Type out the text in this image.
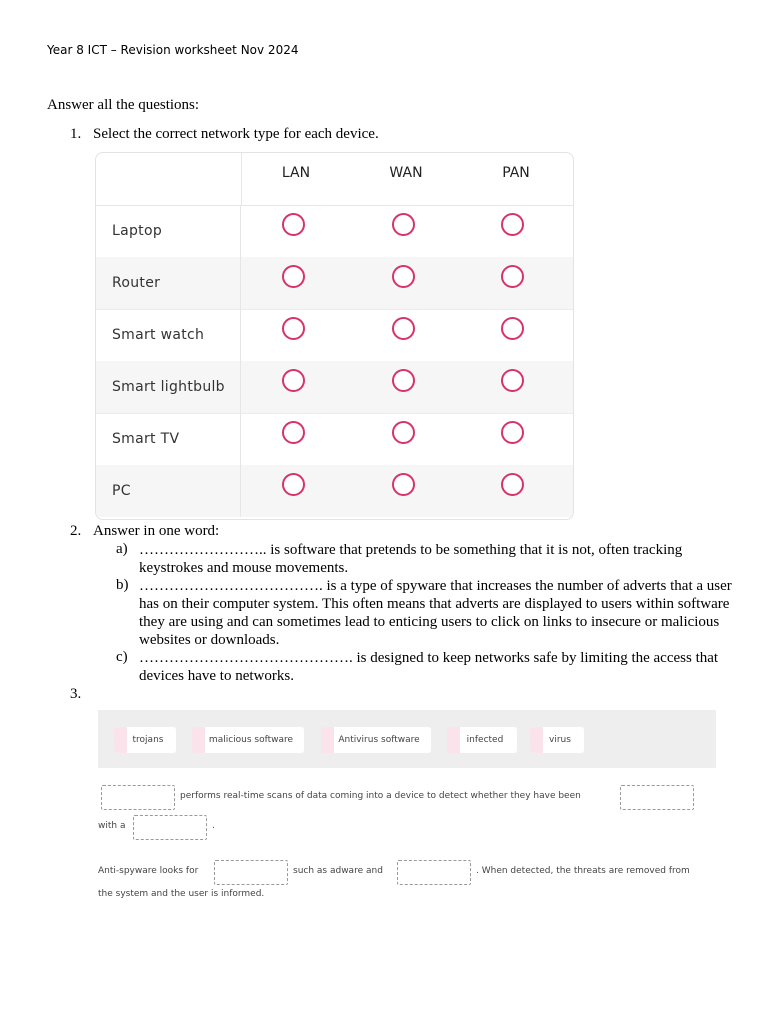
Year 8 ICT – Revision worksheet Nov 2024
Answer all the questions:
1. Select the correct network type for each device.
LAN	WAN	PAN
Laptop
Router
Smart watch
Smart lightbulb
Smart TV
PC
2. Answer in one word:
a) …………………….. is software that pretends to be something that it is not, often tracking keystrokes and mouse movements.
b) ………………………………. is a type of spyware that increases the number of adverts that a user has on their computer system. This often means that adverts are displayed to users within software they are using and can sometimes lead to enticing users to click on links to insecure or malicious websites or downloads.
c) ……………………………………. is designed to keep networks safe by limiting the access that devices have to networks.
3.
trojans	malicious software	Antivirus software	infected	virus
performs real-time scans of data coming into a device to detect whether they have been
with a	.
Anti-spyware looks for	such as adware and	. When detected, the threats are removed from
the system and the user is informed.
